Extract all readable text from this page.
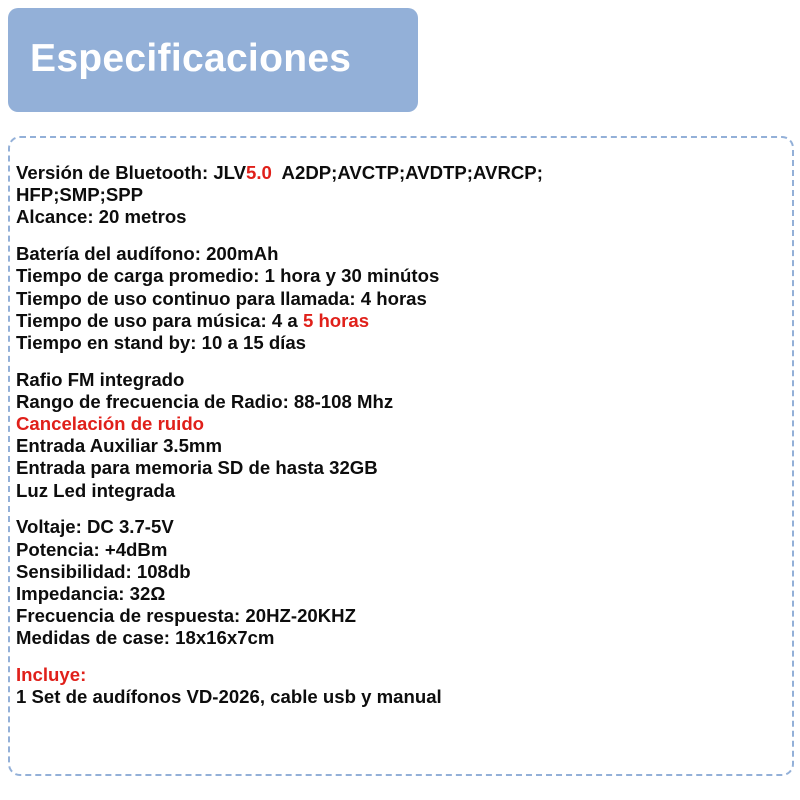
Especificaciones
Versión de Bluetooth: JLV5.0  A2DP;AVCTP;AVDTP;AVRCP;
HFP;SMP;SPP
Alcance: 20 metros
Batería del audífono: 200mAh
Tiempo de carga promedio: 1 hora y 30 minútos
Tiempo de uso continuo para llamada: 4 horas
Tiempo de uso para música: 4 a 5 horas
Tiempo en stand by: 10 a 15 días
Rafio FM integrado
Rango de frecuencia de Radio: 88-108 Mhz
Cancelación de ruido
Entrada Auxiliar 3.5mm
Entrada para memoria SD de hasta 32GB
Luz Led integrada
Voltaje: DC 3.7-5V
Potencia: +4dBm
Sensibilidad: 108db
Impedancia: 32Ω
Frecuencia de respuesta: 20HZ-20KHZ
Medidas de case: 18x16x7cm
Incluye:
1 Set de audífonos VD-2026, cable usb y manual
